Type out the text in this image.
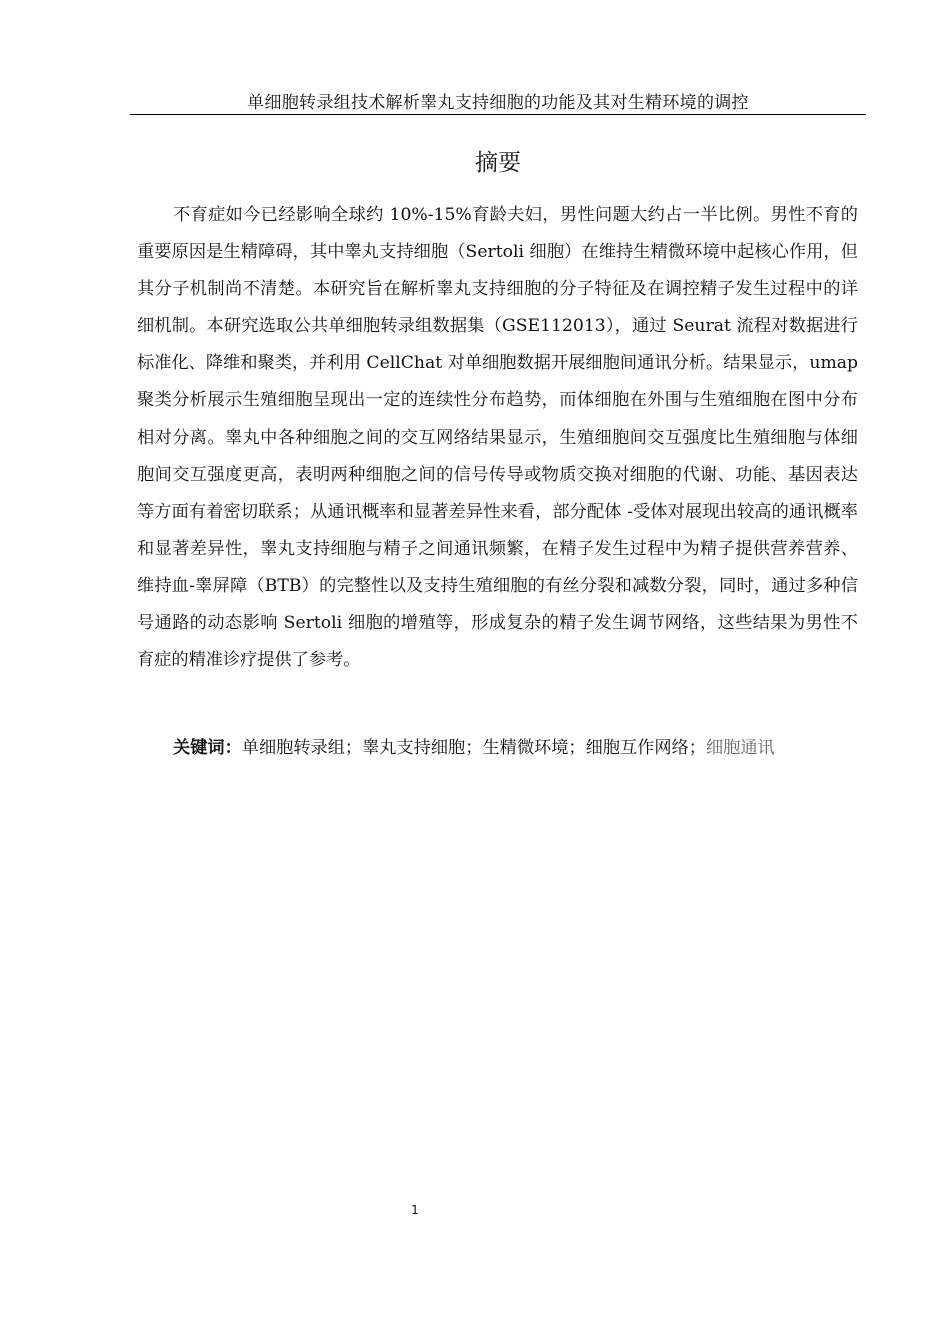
单细胞转录组技术解析睾丸支持细胞的功能及其对生精环境的调控
摘要

不育症如今已经影响全球约 10%-15%育龄夫妇，男性问题大约占一半比例。男性不育的重要原因是生精障碍，其中睾丸支持细胞（Sertoli 细胞）在维持生精微环境中起核心作用，但其分子机制尚不清楚。本研究旨在解析睾丸支持细胞的分子特征及在调控精子发生过程中的详细机制。本研究选取公共单细胞转录组数据集（GSE112013），通过 Seurat 流程对数据进行标准化、降维和聚类，并利用 CellChat 对单细胞数据开展细胞间通讯分析。结果显示，umap 聚类分析展示生殖细胞呈现出一定的连续性分布趋势，而体细胞在外围与生殖细胞在图中分布相对分离。睾丸中各种细胞之间的交互网络结果显示，生殖细胞间交互强度比生殖细胞与体细胞间交互强度更高，表明两种细胞之间的信号传导或物质交换对细胞的代谢、功能、基因表达等方面有着密切联系；从通讯概率和显著差异性来看，部分配体 -受体对展现出较高的通讯概率和显著差异性，睾丸支持细胞与精子之间通讯频繁，在精子发生过程中为精子提供营养营养、维持血-睾屏障（BTB）的完整性以及支持生殖细胞的有丝分裂和减数分裂，同时，通过多种信号通路的动态影响 Sertoli 细胞的增殖等，形成复杂的精子发生调节网络，这些结果为男性不育症的精准诊疗提供了参考。

关键词：单细胞转录组；睾丸支持细胞；生精微环境；细胞互作网络；细胞通讯

1
